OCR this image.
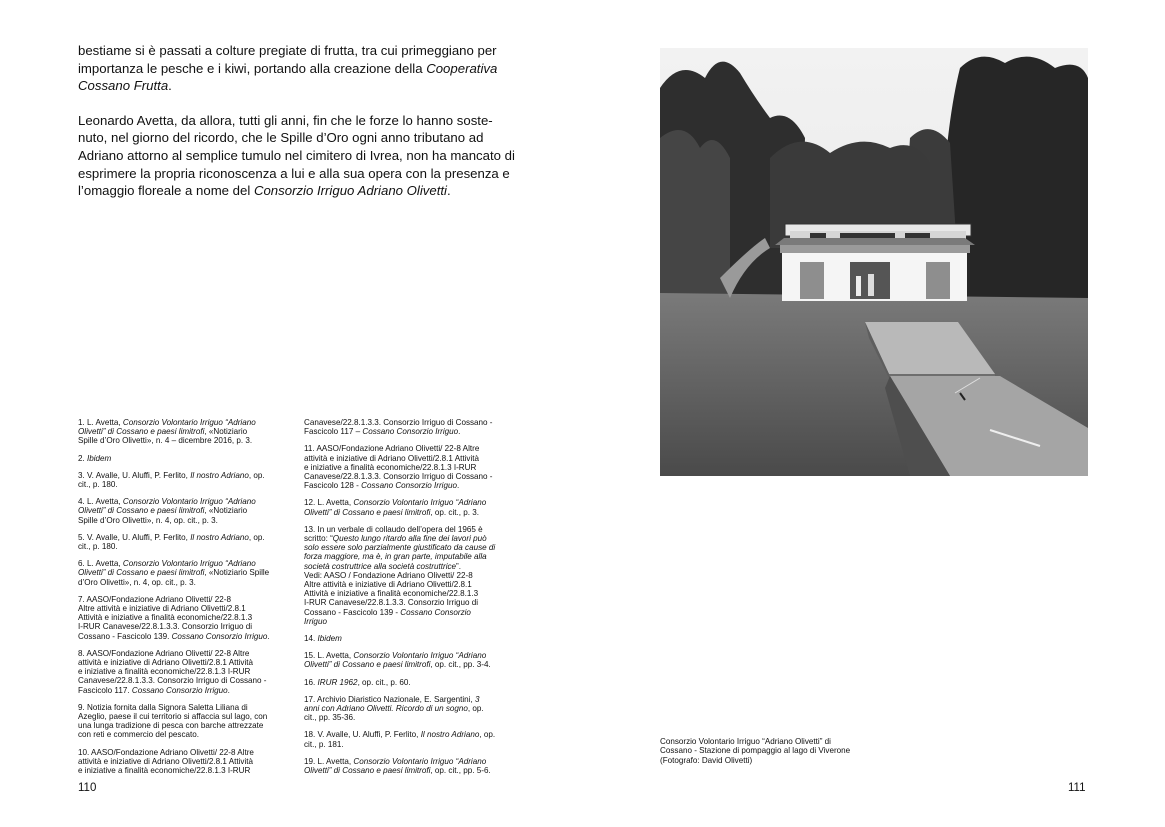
bestiame si è passati a colture pregiate di frutta, tra cui primeggiano per
importanza le pesche e i kiwi, portando alla creazione della Cooperativa
Cossano Frutta.

Leonardo Avetta, da allora, tutti gli anni, fin che le forze lo hanno soste-
nuto, nel giorno del ricordo, che le Spille d’Oro ogni anno tributano ad
Adriano attorno al semplice tumulo nel cimitero di Ivrea, non ha mancato di
esprimere la propria riconoscenza a lui e alla sua opera con la presenza e
l’omaggio floreale a nome del Consorzio Irriguo Adriano Olivetti.

1. L. Avetta, Consorzio Volontario Irriguo “Adriano
Olivetti” di Cossano e paesi limitrofi, «Notiziario
Spille d’Oro Olivetti», n. 4 – dicembre 2016, p. 3.
2. Ibidem
3. V. Avalle, U. Aluffi, P. Ferlito, Il nostro Adriano, op.
cit., p. 180.
4. L. Avetta, Consorzio Volontario Irriguo “Adriano
Olivetti” di Cossano e paesi limitrofi, «Notiziario
Spille d’Oro Olivetti», n. 4, op. cit., p. 3.
5. V. Avalle, U. Aluffi, P. Ferlito, Il nostro Adriano, op.
cit., p. 180.
6. L. Avetta, Consorzio Volontario Irriguo “Adriano
Olivetti” di Cossano e paesi limitrofi, «Notiziario Spille
d’Oro Olivetti», n. 4, op. cit., p. 3.
7. AASO/Fondazione Adriano Olivetti/ 22-8
Altre attività e iniziative di Adriano Olivetti/2.8.1
Attività e iniziative a finalità economiche/22.8.1.3
I-RUR Canavese/22.8.1.3.3. Consorzio Irriguo di
Cossano - Fascicolo 139. Cossano Consorzio Irriguo.
8. AASO/Fondazione Adriano Olivetti/ 22-8 Altre
attività e iniziative di Adriano Olivetti/2.8.1 Attività
e iniziative a finalità economiche/22.8.1.3 I-RUR
Canavese/22.8.1.3.3. Consorzio Irriguo di Cossano -
Fascicolo 117. Cossano Consorzio Irriguo.
9. Notizia fornita dalla Signora Saletta Liliana di
Azeglio, paese il cui territorio si affaccia sul lago, con
una lunga tradizione di pesca con barche attrezzate
con reti e commercio del pescato.
10. AASO/Fondazione Adriano Olivetti/ 22-8 Altre
attività e iniziative di Adriano Olivetti/2.8.1 Attività
e iniziative a finalità economiche/22.8.1.3 I-RUR
Canavese/22.8.1.3.3. Consorzio Irriguo di Cossano -
Fascicolo 117 – Cossano Consorzio Irriguo.
11. AASO/Fondazione Adriano Olivetti/ 22-8 Altre
attività e iniziative di Adriano Olivetti/2.8.1 Attività
e iniziative a finalità economiche/22.8.1.3 I-RUR
Canavese/22.8.1.3.3. Consorzio Irriguo di Cossano -
Fascicolo 128 - Cossano Consorzio Irriguo.
12. L. Avetta, Consorzio Volontario Irriguo “Adriano
Olivetti” di Cossano e paesi limitrofi, op. cit., p. 3.
13. In un verbale di collaudo dell’opera del 1965 è
scritto: “Questo lungo ritardo alla fine dei lavori può
solo essere solo parzialmente giustificato da cause di
forza maggiore, ma è, in gran parte, imputabile alla
società costruttrice alla società costruttrice”.
Vedi: AASO / Fondazione Adriano Olivetti/ 22-8
Altre attività e iniziative di Adriano Olivetti/2.8.1
Attività e iniziative a finalità economiche/22.8.1.3
I-RUR Canavese/22.8.1.3.3. Consorzio Irriguo di
Cossano - Fascicolo 139 - Cossano Consorzio
Irriguo
14. Ibidem
15. L. Avetta, Consorzio Volontario Irriguo “Adriano
Olivetti” di Cossano e paesi limitrofi, op. cit., pp. 3-4.
16. IRUR 1962, op. cit., p. 60.
17. Archivio Diaristico Nazionale, E. Sargentini, 3
anni con Adriano Olivetti. Ricordo di un sogno, op.
cit., pp. 35-36.
18. V. Avalle, U. Aluffi, P. Ferlito, Il nostro Adriano, op.
cit., p. 181.
19. L. Avetta, Consorzio Volontario Irriguo “Adriano
Olivetti” di Cossano e paesi limitrofi, op. cit., pp. 5-6.
Consorzio Volontario Irriguo “Adriano Olivetti” di
Cossano - Stazione di pompaggio al lago di Viverone
(Fotografo: David Olivetti)
110	111
